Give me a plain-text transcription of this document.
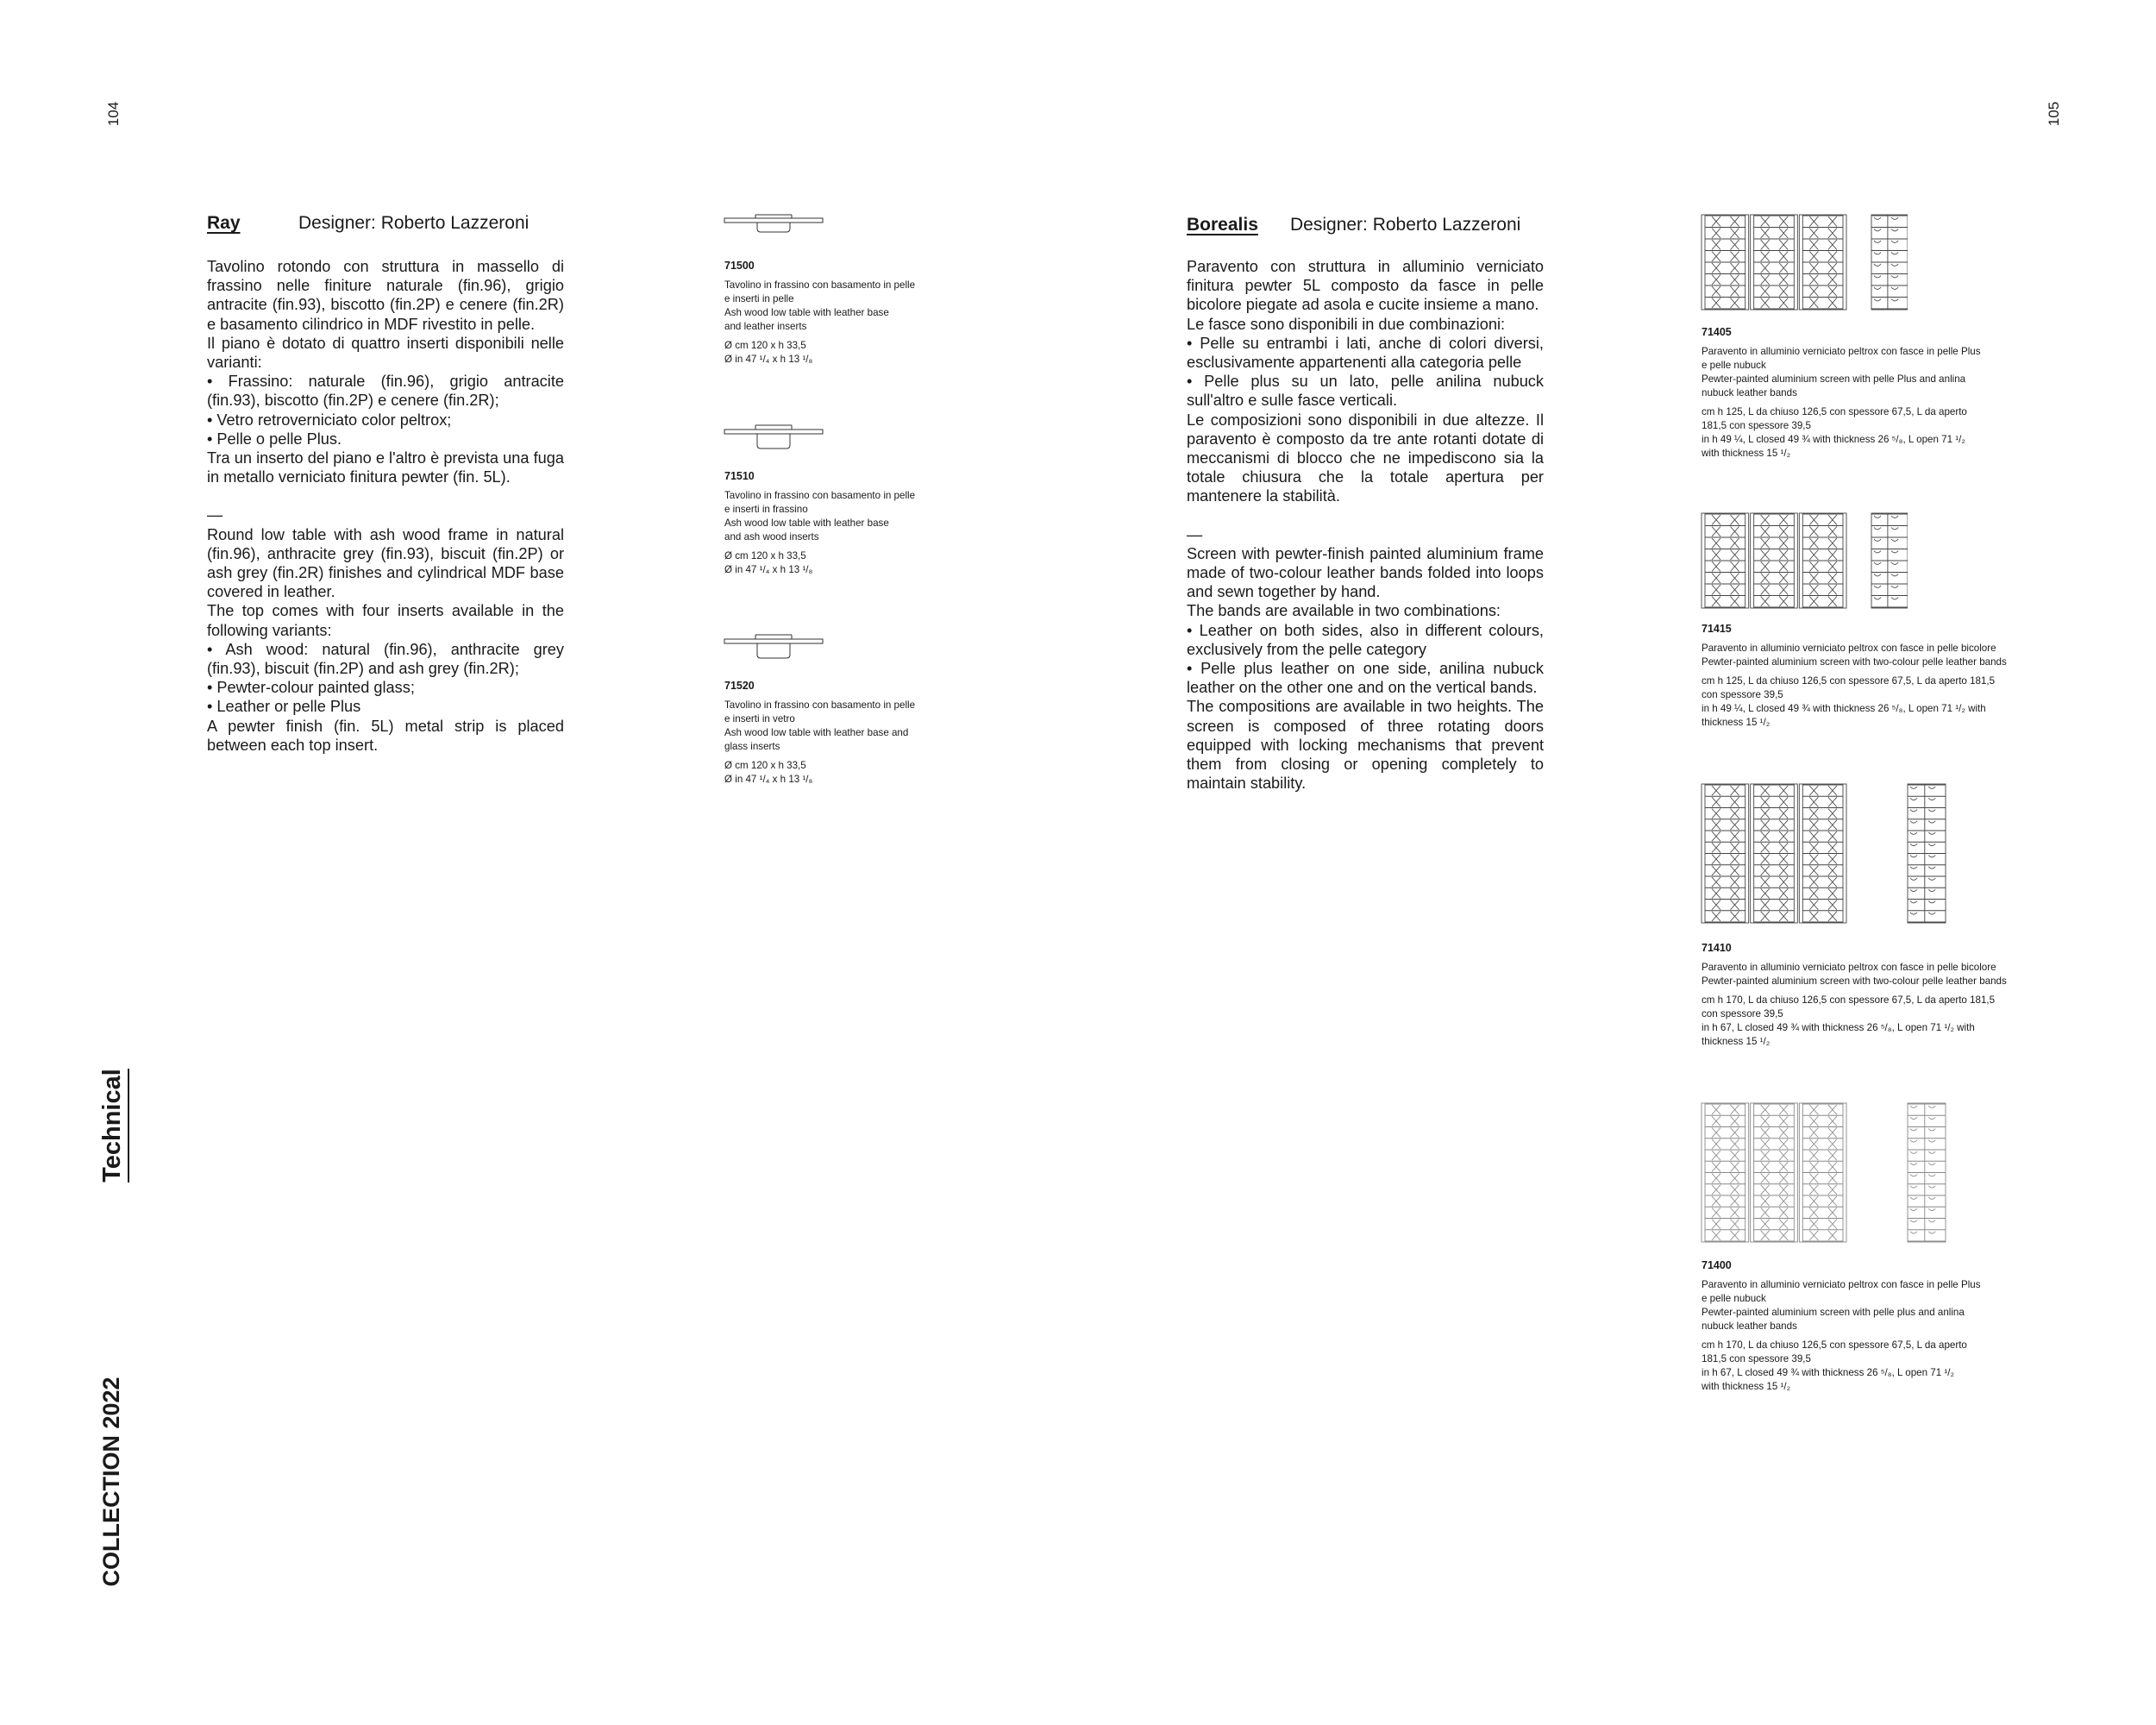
104	105
Technical
COLLECTION 2022
Ray	Designer: Roberto Lazzeroni

Tavolino rotondo con struttura in massello di frassino nelle finiture naturale (fin.96), grigio antracite (fin.93), biscotto (fin.2P) e cenere (fin.2R) e basamento cilindrico in MDF rivestito in pelle.

Il piano è dotato di quattro inserti disponibili nelle varianti:

• Frassino: naturale (fin.96), grigio antracite (fin.93), biscotto (fin.2P) e cenere (fin.2R);

• Vetro retroverniciato color peltrox;

• Pelle o pelle Plus.

Tra un inserto del piano e l'altro è prevista una fuga in metallo verniciato finitura pewter (fin. 5L).

—

Round low table with ash wood frame in natural (fin.96), anthracite grey (fin.93), biscuit (fin.2P) or ash grey (fin.2R) finishes and cylindrical MDF base covered in leather.

The top comes with four inserts available in the following variants:

• Ash wood: natural (fin.96), anthracite grey (fin.93), biscuit (fin.2P) and ash grey (fin.2R);

• Pewter-colour painted glass;

• Leather or pelle Plus

A pewter finish (fin. 5L) metal strip is placed between each top insert.

71500
Tavolino in frassino con basamento in pelle
e inserti in pelle
Ash wood low table with leather base
and leather inserts
Ø cm 120 x h 33,5
Ø in 47 ¹/₄ x h 13 ¹/₈
71510
Tavolino in frassino con basamento in pelle
e inserti in frassino
Ash wood low table with leather base
and ash wood inserts
Ø cm 120 x h 33,5
Ø in 47 ¹/₄ x h 13 ¹/₈
71520
Tavolino in frassino con basamento in pelle
e inserti in vetro
Ash wood low table with leather base and
glass inserts
Ø cm 120 x h 33,5
Ø in 47 ¹/₄ x h 13 ¹/₈
Borealis Designer: Roberto Lazzeroni

Paravento con struttura in alluminio verniciato finitura pewter 5L composto da fasce in pelle bicolore piegate ad asola e cucite insieme a mano.

Le fasce sono disponibili in due combinazioni:

• Pelle su entrambi i lati, anche di colori diversi, esclusivamente appartenenti alla categoria pelle

• Pelle plus su un lato, pelle anilina nubuck sull'altro e sulle fasce verticali.

Le composizioni sono disponibili in due altezze. Il paravento è composto da tre ante rotanti dotate di meccanismi di blocco che ne impediscono sia la totale chiusura che la totale apertura per mantenere la stabilità.

—

Screen with pewter-finish painted aluminium frame made of two-colour leather bands folded into loops and sewn together by hand.

The bands are available in two combinations:

• Leather on both sides, also in different colours, exclusively from the pelle category

• Pelle plus leather on one side, anilina nubuck leather on the other one and on the vertical bands.

The compositions are available in two heights. The screen is composed of three rotating doors equipped with locking mechanisms that prevent them from closing or opening completely to maintain stability.

71405
Paravento in alluminio verniciato peltrox con fasce in pelle Plus
e pelle nubuck
Pewter-painted aluminium screen with pelle Plus and anlina
nubuck leather bands
cm h 125, L da chiuso 126,5 con spessore 67,5, L da aperto
181,5 con spessore 39,5
in h 49 ¼, L closed 49 ¾ with thickness 26 ⁵/₈, L open 71 ¹/₂
with thickness 15 ¹/₂
71415
Paravento in alluminio verniciato peltrox con fasce in pelle bicolore
Pewter-painted aluminium screen with two-colour pelle leather bands
cm h 125, L da chiuso 126,5 con spessore 67,5, L da aperto 181,5
con spessore 39,5
in h 49 ¼, L closed 49 ¾ with thickness 26 ⁵/₈, L open 71 ¹/₂ with
thickness 15 ¹/₂
71410
Paravento in alluminio verniciato peltrox con fasce in pelle bicolore
Pewter-painted aluminium screen with two-colour pelle leather bands
cm h 170, L da chiuso 126,5 con spessore 67,5, L da aperto 181,5
con spessore 39,5
in h 67, L closed 49 ¾ with thickness 26 ⁵/₈, L open 71 ¹/₂ with
thickness 15 ¹/₂
71400
Paravento in alluminio verniciato peltrox con fasce in pelle Plus
e pelle nubuck
Pewter-painted aluminium screen with pelle plus and anlina
nubuck leather bands
cm h 170, L da chiuso 126,5 con spessore 67,5, L da aperto
181,5 con spessore 39,5
in h 67, L closed 49 ¾ with thickness 26 ⁵/₈, L open 71 ¹/₂
with thickness 15 ¹/₂
